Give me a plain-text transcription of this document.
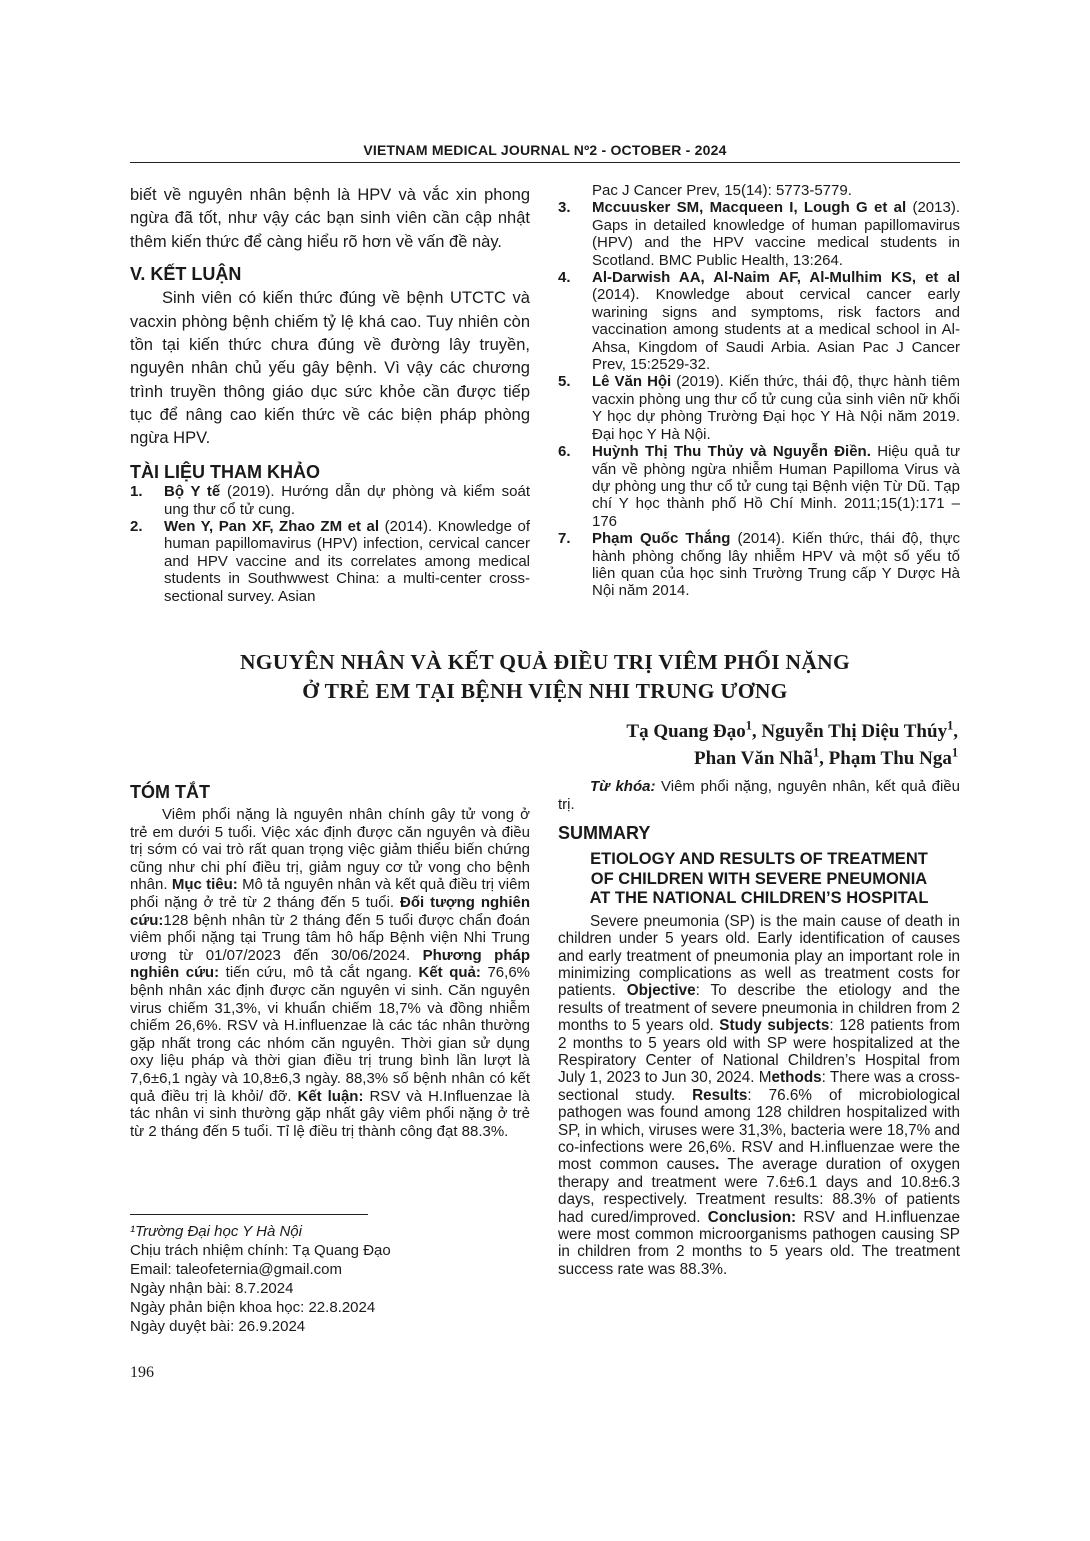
VIETNAM MEDICAL JOURNAL Nº2 - OCTOBER - 2024

biết về nguyên nhân bệnh là HPV và vắc xin phong ngừa đã tốt, như vậy các bạn sinh viên cần cập nhật thêm kiến thức để càng hiểu rõ hơn về vấn đề này.

V. KẾT LUẬN

Sinh viên có kiến thức đúng về bệnh UTCTC và vacxin phòng bệnh chiếm tỷ lệ khá cao. Tuy nhiên còn tồn tại kiến thức chưa đúng về đường lây truyền, nguyên nhân chủ yếu gây bệnh. Vì vậy các chương trình truyền thông giáo dục sức khỏe cần được tiếp tục để nâng cao kiến thức về các biện pháp phòng ngừa HPV.

TÀI LIỆU THAM KHẢO
1.	Bộ Y tế (2019). Hướng dẫn dự phòng và kiểm soát ung thư cổ tử cung.
2.	Wen Y, Pan XF, Zhao ZM et al (2014). Knowledge of human papillomavirus (HPV) infection, cervical cancer and HPV vaccine and its correlates among medical students in Southwwest China: a multi-center cross-sectional survey. Asian
Pac J Cancer Prev, 15(14): 5773-5779.
3.	Mccuusker SM, Macqueen I, Lough G et al (2013). Gaps in detailed knowledge of human papillomavirus (HPV) and the HPV vaccine medical students in Scotland. BMC Public Health, 13:264.
4.	Al-Darwish AA, Al-Naim AF, Al-Mulhim KS, et al (2014). Knowledge about cervical cancer early warining signs and symptoms, risk factors and vaccination among students at a medical school in Al-Ahsa, Kingdom of Saudi Arbia. Asian Pac J Cancer Prev, 15:2529-32.
5.	Lê Văn Hội (2019). Kiến thức, thái độ, thực hành tiêm vacxin phòng ung thư cổ tử cung của sinh viên nữ khối Y học dự phòng Trường Đại học Y Hà Nội năm 2019. Đại học Y Hà Nội.
6.	Huỳnh Thị Thu Thủy và Nguyễn Điền. Hiệu quả tư vấn về phòng ngừa nhiễm Human Papilloma Virus và dự phòng ung thư cổ tử cung tại Bệnh viện Từ Dũ. Tạp chí Y học thành phố Hồ Chí Minh. 2011;15(1):171 – 176
7.	Phạm Quốc Thắng (2014). Kiến thức, thái độ, thực hành phòng chống lây nhiễm HPV và một số yếu tố liên quan của học sinh Trường Trung cấp Y Dược Hà Nội năm 2014.
NGUYÊN NHÂN VÀ KẾT QUẢ ĐIỀU TRỊ VIÊM PHỔI NẶNG
Ở TRẺ EM TẠI BỆNH VIỆN NHI TRUNG ƯƠNG
Tạ Quang Đạo$^1$, Nguyễn Thị Diệu Thúy$^1$,
Phan Văn Nhã$^1$, Phạm Thu Nga$^1$
TÓM TẮT

Viêm phổi nặng là nguyên nhân chính gây tử vong ở trẻ em dưới 5 tuổi. Việc xác định được căn nguyên và điều trị sớm có vai trò rất quan trọng việc giảm thiểu biến chứng cũng như chi phí điều trị, giảm nguy cơ tử vong cho bệnh nhân. Mục tiêu: Mô tả nguyên nhân và kết quả điều trị viêm phổi nặng ở trẻ từ 2 tháng đến 5 tuổi. Đối tượng nghiên cứu:128 bệnh nhân từ 2 tháng đến 5 tuổi được chẩn đoán viêm phổi nặng tại Trung tâm hô hấp Bệnh viện Nhi Trung ương từ 01/07/2023 đến 30/06/2024. Phương pháp nghiên cứu: tiến cứu, mô tả cắt ngang. Kết quả: 76,6% bệnh nhân xác định được căn nguyên vi sinh. Căn nguyên virus chiếm 31,3%, vi khuẩn chiếm 18,7% và đồng nhiễm chiếm 26,6%. RSV và H.influenzae là các tác nhân thường gặp nhất trong các nhóm căn nguyên. Thời gian sử dụng oxy liệu pháp và thời gian điều trị trung bình lần lượt là 7,6±6,1 ngày và 10,8±6,3 ngày. 88,3% số bệnh nhân có kết quả điều trị là khỏi/ đỡ. Kết luận: RSV và H.Influenzae là tác nhân vi sinh thường gặp nhất gây viêm phổi nặng ở trẻ từ 2 tháng đến 5 tuổi. Tỉ lệ điều trị thành công đạt 88.3%.

¹Trường Đại học Y Hà Nội

Chịu trách nhiệm chính: Tạ Quang Đạo

Email: taleofeternia@gmail.com

Ngày nhận bài: 8.7.2024

Ngày phản biện khoa học: 22.8.2024

Ngày duyệt bài: 26.9.2024

Từ khóa: Viêm phổi nặng, nguyên nhân, kết quả điều trị.

SUMMARY
ETIOLOGY AND RESULTS OF TREATMENT
OF CHILDREN WITH SEVERE PNEUMONIA
AT THE NATIONAL CHILDREN’S HOSPITAL

Severe pneumonia (SP) is the main cause of death in children under 5 years old. Early identification of causes and early treatment of pneumonia play an important role in minimizing complications as well as treatment costs for patients. Objective: To describe the etiology and the results of treatment of severe pneumonia in children from 2 months to 5 years old. Study subjects: 128 patients from 2 months to 5 years old with SP were hospitalized at the Respiratory Center of National Children’s Hospital from July 1, 2023 to Jun 30, 2024. Methods: There was a cross-sectional study. Results: 76.6% of microbiological pathogen was found among 128 children hospitalized with SP, in which, viruses were 31,3%, bacteria were 18,7% and co-infections were 26,6%. RSV and H.influenzae were the most common causes. The average duration of oxygen therapy and treatment were 7.6±6.1 days and 10.8±6.3 days, respectively. Treatment results: 88.3% of patients had cured/improved. Conclusion: RSV and H.influenzae were most common microorganisms pathogen causing SP in children from 2 months to 5 years old. The treatment success rate was 88.3%.

196
